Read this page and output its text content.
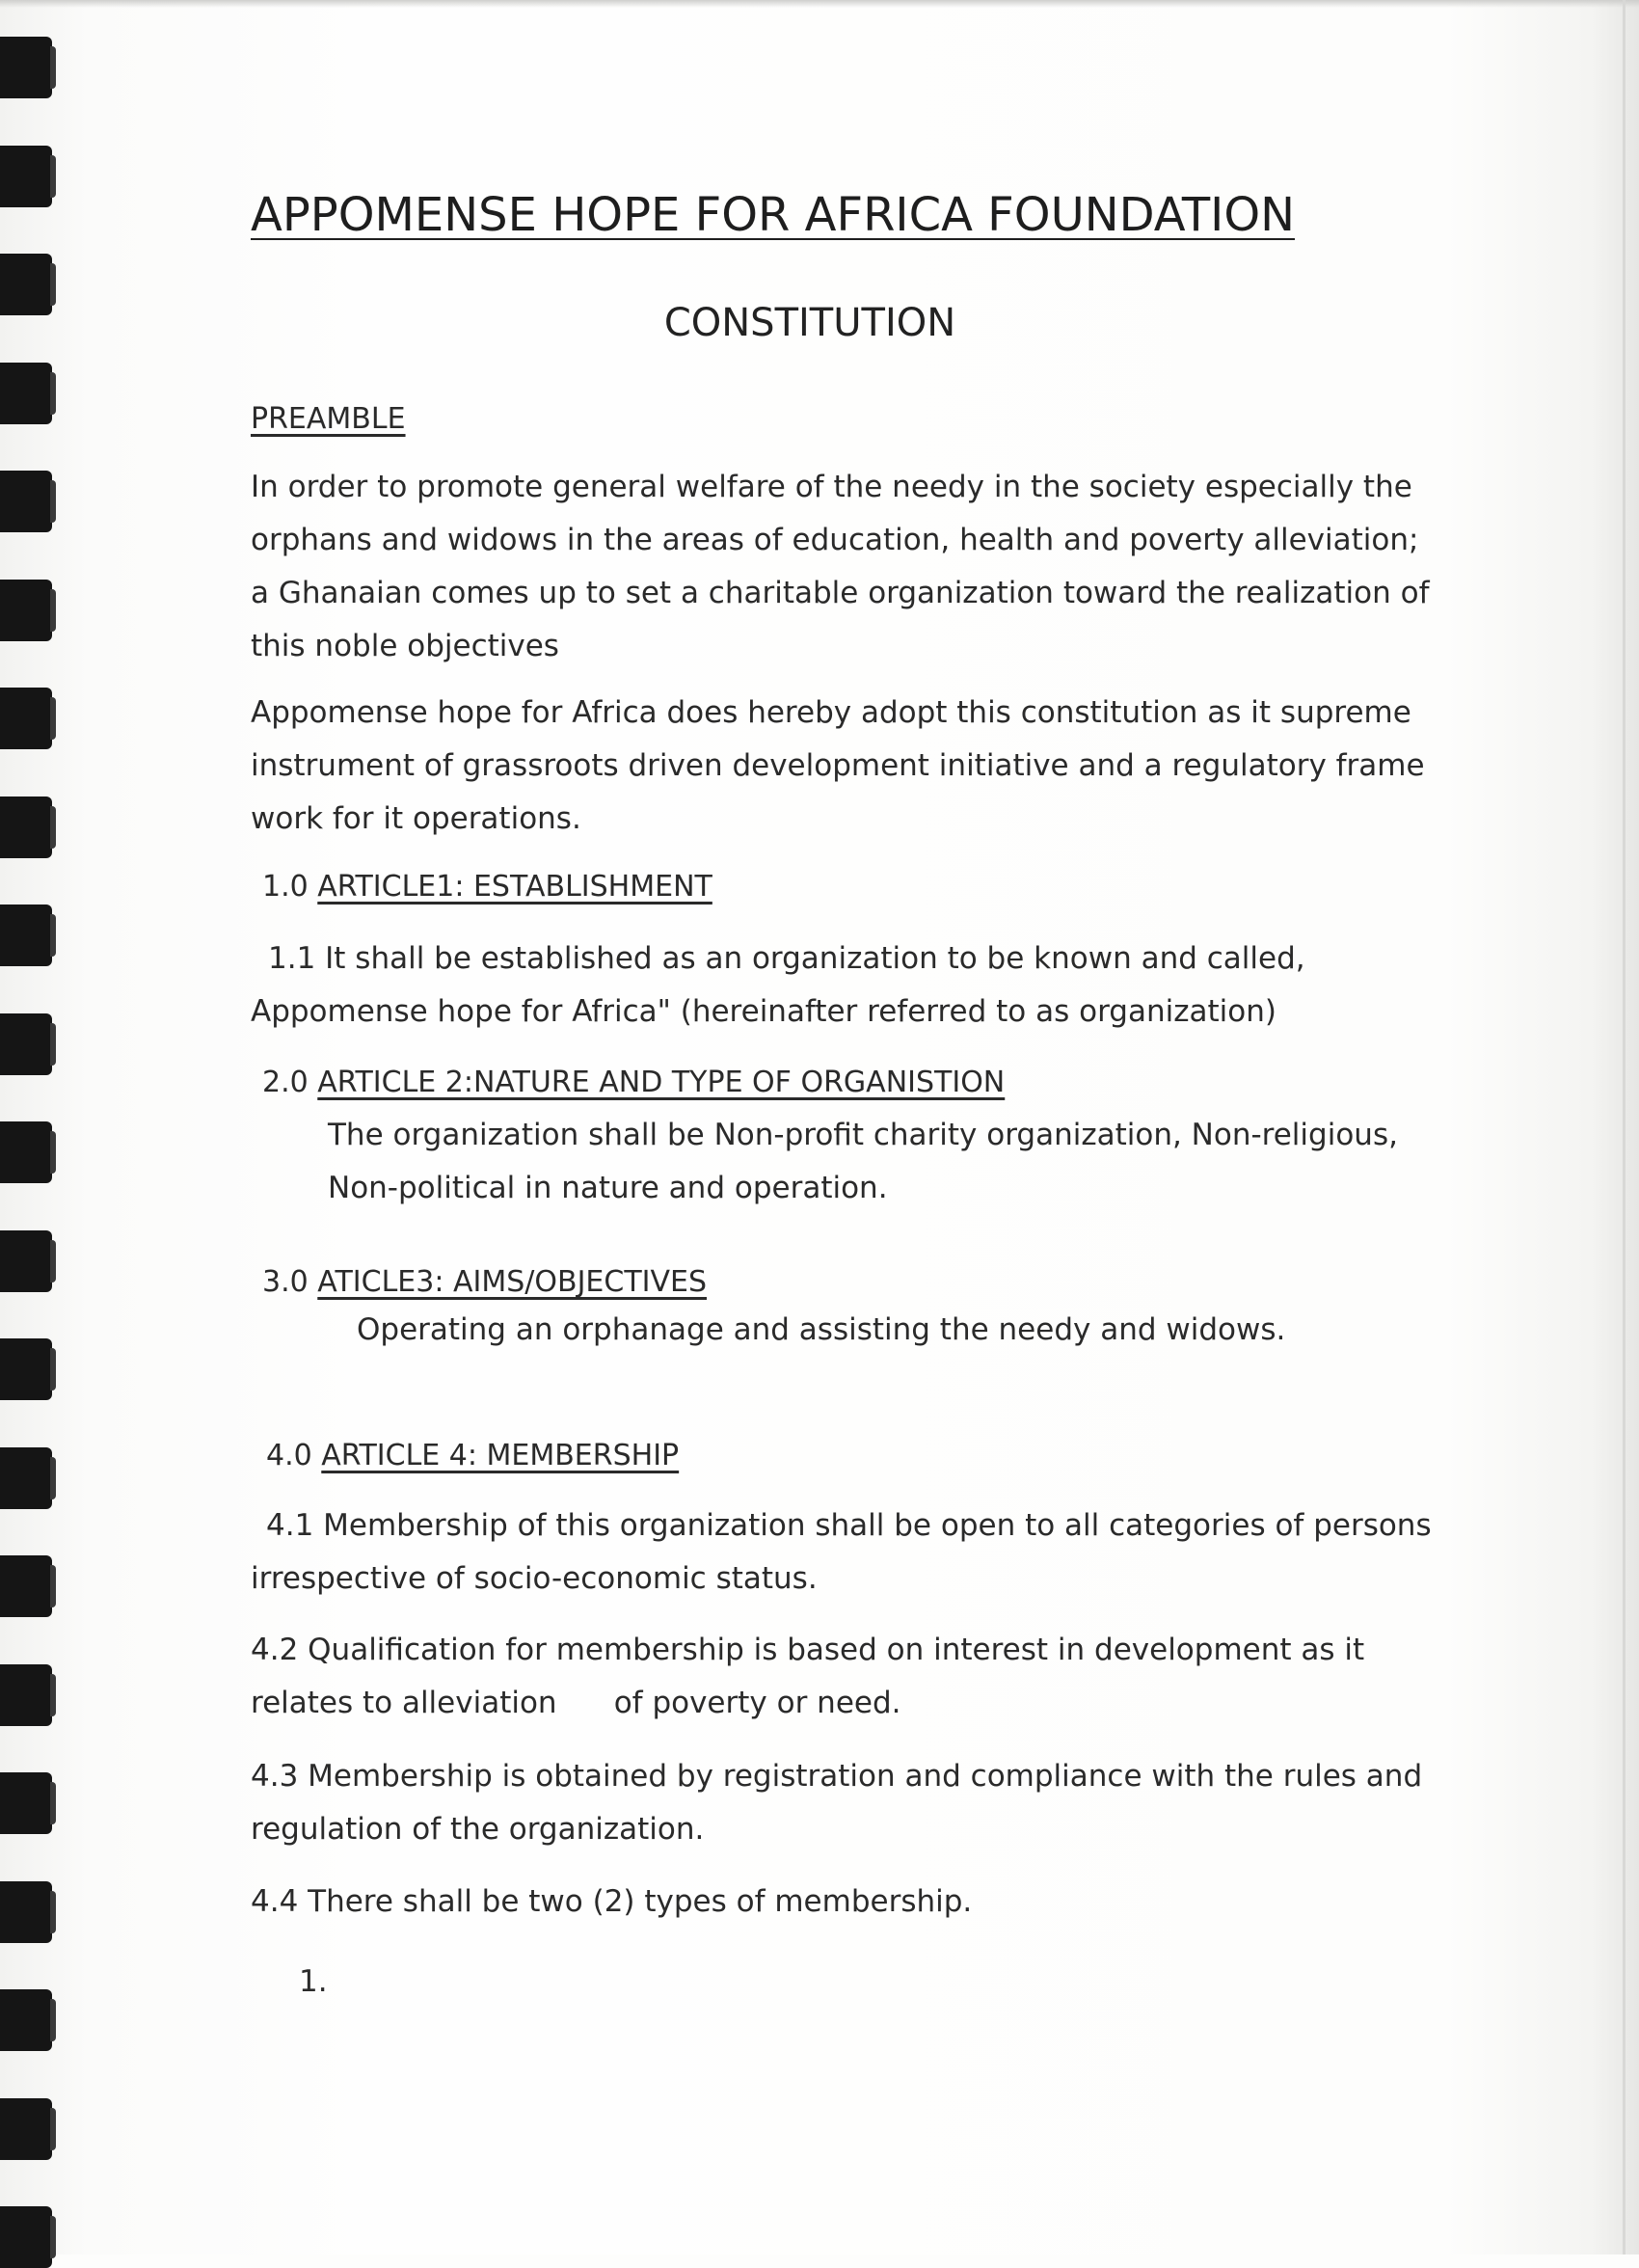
APPOMENSE HOPE FOR AFRICA FOUNDATION
CONSTITUTION
PREAMBLE
In order to promote general welfare of the needy in the society especially the
orphans and widows in the areas of education, health and poverty alleviation;
a Ghanaian comes up to set a charitable organization toward the realization of
this noble objectives
Appomense hope for Africa does hereby adopt this constitution as it supreme
instrument of grassroots driven development initiative and a regulatory frame
work for it operations.
1.0 ARTICLE1: ESTABLISHMENT
1.1 It shall be established as an organization to be known and called,
Appomense hope for Africa" (hereinafter referred to as organization)
2.0 ARTICLE 2:NATURE AND TYPE OF ORGANISTION
The organization shall be Non-profit charity organization, Non-religious,
Non-political in nature and operation.
3.0 ATICLE3: AIMS/OBJECTIVES
Operating an orphanage and assisting the needy and widows.
4.0 ARTICLE 4: MEMBERSHIP
4.1 Membership of this organization shall be open to all categories of persons
irrespective of socio-economic status.
4.2 Qualification for membership is based on interest in development as it
relates to alleviation      of poverty or need.
4.3 Membership is obtained by registration and compliance with the rules and
regulation of the organization.
4.4 There shall be two (2) types of membership.
1.
